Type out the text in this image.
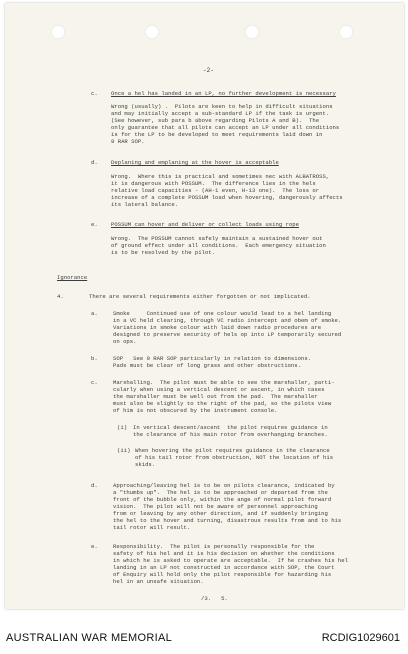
-2-
c. Once a hel has landed in an LP, no further development is necessary
Wrong (usually) .  Pilots are keen to help in difficult situations
and may initially accept a sub-standard LP if the task is urgent.
(See however, sub para b above regarding Pilots A and B).  The
only guarantee that all pilots can accept an LP under all conditions
is for the LP to be developed to meet requirements laid down in
9 RAR SOP.
d. Deplaning and emplaning at the hover is acceptable
Wrong.  Where this is practical and sometimes nec with ALBATROSS,
it is dangerous with POSSUM.  The difference lies in the hels
relative load capacities - (AH-1 even, H-13 one).  The loss or
increase of a complete POSSUM load when hovering, dangerously affects
its lateral balance.
e. POSSUM can hover and deliver or collect loads using rope
Wrong.  The POSSUM cannot safely maintain a sustained hover out
of ground effect under all conditions.  Each emergency situation
is to be resolved by the pilot.
Ignorance
4.	There are several requirements either forgotten or not implicated.
a.	Smoke     Continued use of one colour would lead to a hel landing
in a VC held clearing, through VC radio intercept and obem of smoke.
Variations in smoke colour with laid down radio procedures are
designed to preserve security of hels op into LP temporarily secured
on ops.
b.	SOP   See 9 RAR SOP particularly in relation to dimensions.
Pads must be clear of long grass and other obstructions.
c.	Marshalling.  The pilot must be able to see the marshaller, parti-
cularly when using a vertical descent or ascent, in which cases
the marshaller must be well out from the pad.  The marshaller
must also be slightly to the right of the pad, so the pilots view
of him is not obscured by the instrument console.
(i) In vertical descent/ascent  the pilot requires guidance in
the clearance of his main rotor from overhanging branches.
(ii) When hovering the pilot requires guidance in the clearance
of his tail rotor from obstruction, NOT the location of his
skids.
d.	Approaching/leaving hel is to be on pilots clearance, indicated by
a "thumbs up".  The hel is to be approached or departed from the
front of the bubble only, within the ange of normal pilot forward
vision.  The pilot will not be aware of personnel approaching
from or leaving by any other direction, and if suddenly bringing
the hel to the hover and turning, disastrous results from and to his
tail rotor will result.
e.	Responsibility.  The pilot is personally responsible for the
safety of his hel and it is his decision on whether the conditions
in which he is asked to operate are acceptable.  If he crashes his hel
landing in an LP not constructed in accordance with SOP, the Court
of Enquiry will hold only the pilot responsible for hazarding his
hel in an unsafe situation.
/3.   5.
AUSTRALIAN WAR MEMORIAL	RCDIG1029601
